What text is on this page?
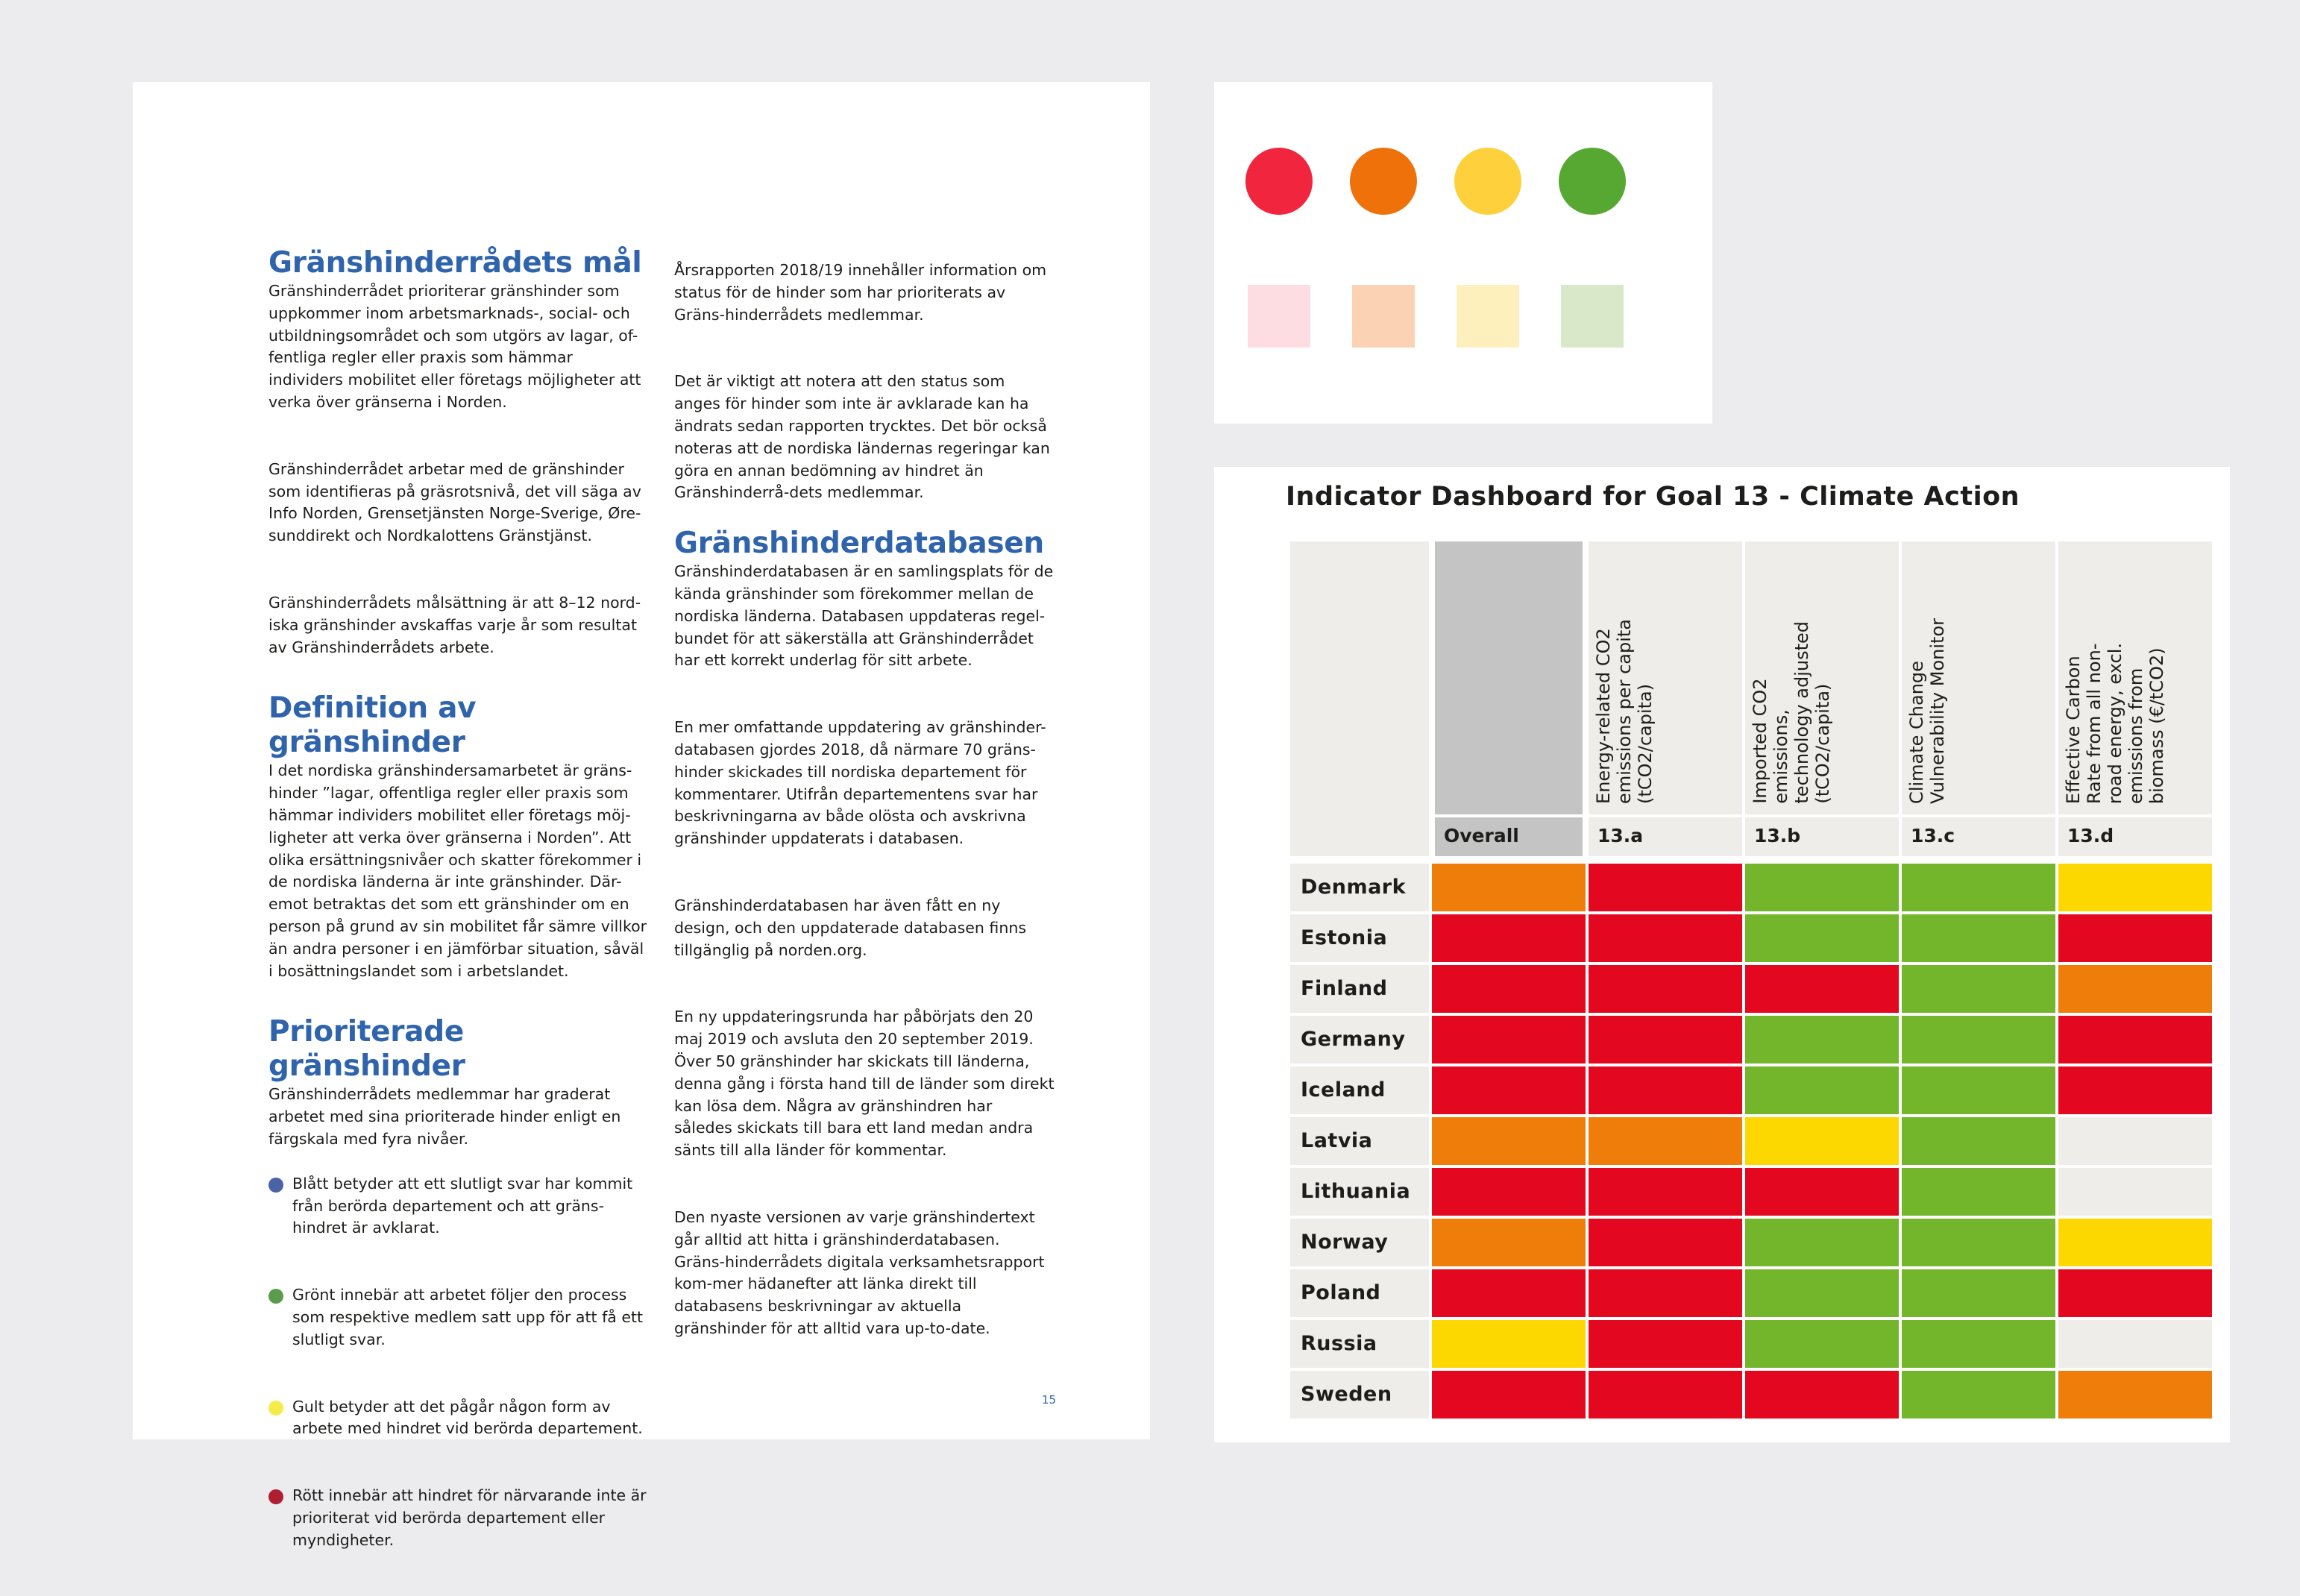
Gränshinderrådets mål

Gränshinderrådet prioriterar gränshinder som uppkommer inom arbetsmarknads-, social- och utbildningsområdet och som utgörs av lagar, of-fentliga regler eller praxis som hämmar individers mobilitet eller företags möjligheter att verka över gränserna i Norden.

Gränshinderrådet arbetar med de gränshinder som identifieras på gräsrotsnivå, det vill säga av Info Norden, Grensetjänsten Norge-Sverige, Øre-sunddirekt och Nordkalottens Gränstjänst.

Gränshinderrådets målsättning är att 8–12 nord-iska gränshinder avskaffas varje år som resultat av Gränshinderrådets arbete.

Definition av gränshinder

I det nordiska gränshindersamarbetet är gräns-hinder ”lagar, offentliga regler eller praxis som hämmar individers mobilitet eller företags möj-ligheter att verka över gränserna i Norden”. Att olika ersättningsnivåer och skatter förekommer i de nordiska länderna är inte gränshinder. Där-emot betraktas det som ett gränshinder om en person på grund av sin mobilitet får sämre villkor än andra personer i en jämförbar situation, såväl i bosättningslandet som i arbetslandet.

Prioriterade gränshinder

Gränshinderrådets medlemmar har graderat arbetet med sina prioriterade hinder enligt en färgskala med fyra nivåer.

Blått betyder att ett slutligt svar har kommit från berörda departement och att gräns-hindret är avklarat.
Grönt innebär att arbetet följer den process som respektive medlem satt upp för att få ett slutligt svar.
Gult betyder att det pågår någon form av arbete med hindret vid berörda departement.
Rött innebär att hindret för närvarande inte är prioriterat vid berörda departement eller myndigheter.

Årsrapporten 2018/19 innehåller information om status för de hinder som har prioriterats av Gräns-hinderrådets medlemmar.

Det är viktigt att notera att den status som anges för hinder som inte är avklarade kan ha ändrats sedan rapporten trycktes. Det bör också noteras att de nordiska ländernas regeringar kan göra en annan bedömning av hindret än Gränshinderrå-dets medlemmar.

Gränshinderdatabasen

Gränshinderdatabasen är en samlingsplats för de kända gränshinder som förekommer mellan de nordiska länderna. Databasen uppdateras regel-bundet för att säkerställa att Gränshinderrådet har ett korrekt underlag för sitt arbete.

En mer omfattande uppdatering av gränshinder-databasen gjordes 2018, då närmare 70 gräns-hinder skickades till nordiska departement för kommentarer. Utifrån departementens svar har beskrivningarna av både olösta och avskrivna gränshinder uppdaterats i databasen.

Gränshinderdatabasen har även fått en ny design, och den uppdaterade databasen finns tillgänglig på norden.org.

En ny uppdateringsrunda har påbörjats den 20 maj 2019 och avsluta den 20 september 2019. Över 50 gränshinder har skickats till länderna, denna gång i första hand till de länder som direkt kan lösa dem. Några av gränshindren har således skickats till bara ett land medan andra sänts till alla länder för kommentar.

Den nyaste versionen av varje gränshindertext går alltid att hitta i gränshinderdatabasen. Gräns-hinderrådets digitala verksamhetsrapport kom-mer hädanefter att länka direkt till databasens beskrivningar av aktuella gränshinder för att alltid vara up-to-date.

15
Indicator Dashboard for Goal 13 - Climate Action
Overall
Energy-related CO2
emissions per capita
(tCO2/capita)
13.a
Imported CO2
emissions,
technology adjusted
(tCO2/capita)
13.b
Climate Change
Vulnerability Monitor
13.c
Effective Carbon
Rate from all non-
road energy, excl.
emissions from
biomass (€/tCO2)
13.d
Denmark
Estonia
Finland
Germany
Iceland
Latvia
Lithuania
Norway
Poland
Russia
Sweden
